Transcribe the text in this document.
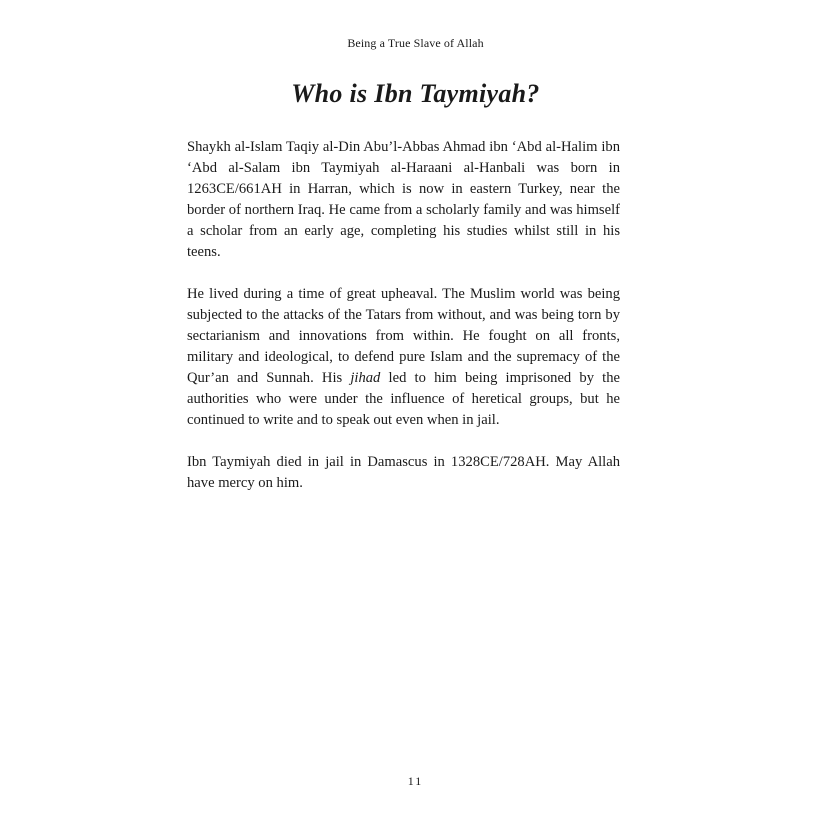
Being a True Slave of Allah
Who is Ibn Taymiyah?

Shaykh al-Islam Taqiy al-Din Abu’l-Abbas Ahmad ibn ‘Abd al-Halim ibn ‘Abd al-Salam ibn Taymiyah al-Haraani al-Hanbali was born in 1263CE/661AH in Harran, which is now in eastern Turkey, near the border of northern Iraq. He came from a scholarly family and was himself a scholar from an early age, completing his studies whilst still in his teens.

He lived during a time of great upheaval. The Muslim world was being subjected to the attacks of the Tatars from without, and was being torn by sectarianism and innovations from within. He fought on all fronts, military and ideological, to defend pure Islam and the supremacy of the Qur’an and Sunnah. His jihad led to him being imprisoned by the authorities who were under the influence of heretical groups, but he continued to write and to speak out even when in jail.

Ibn Taymiyah died in jail in Damascus in 1328CE/728AH. May Allah have mercy on him.

11
